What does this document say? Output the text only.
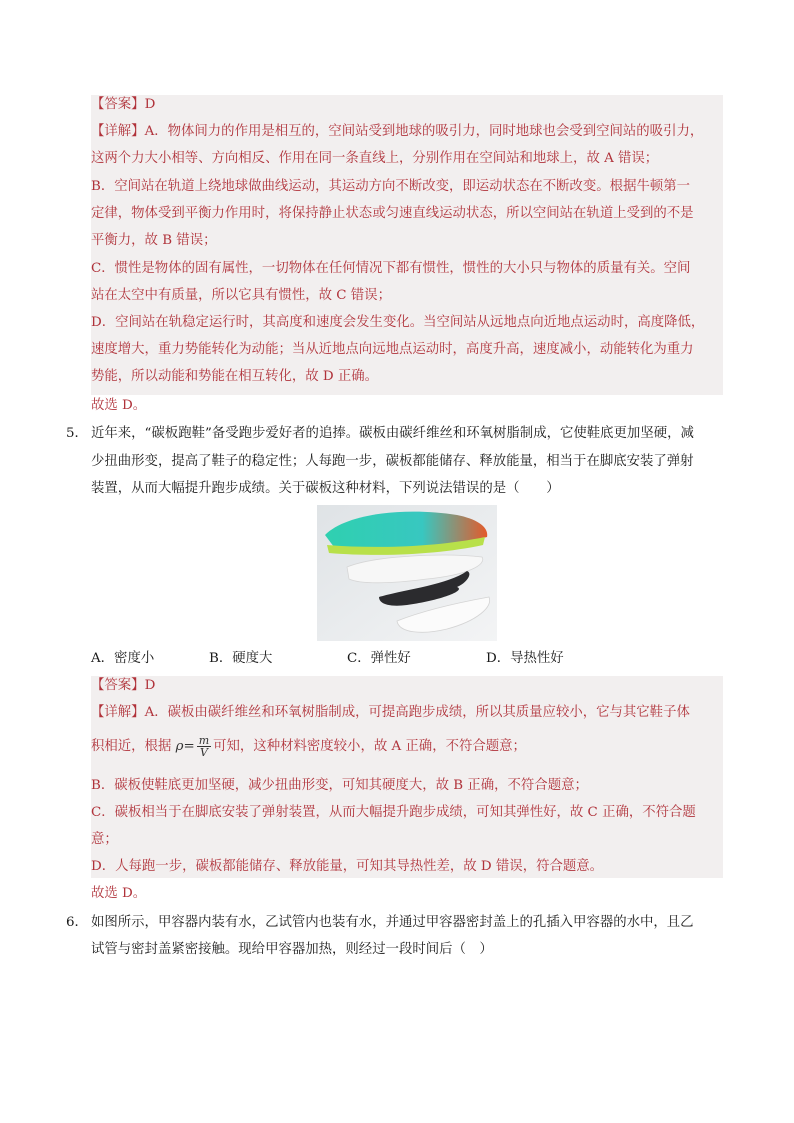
【答案】D
【详解】A．物体间力的作用是相互的，空间站受到地球的吸引力，同时地球也会受到空间站的吸引力，
这两个力大小相等、方向相反、作用在同一条直线上，分别作用在空间站和地球上，故 A 错误；
B．空间站在轨道上绕地球做曲线运动，其运动方向不断改变，即运动状态在不断改变。根据牛顿第一
定律，物体受到平衡力作用时，将保持静止状态或匀速直线运动状态，所以空间站在轨道上受到的不是
平衡力，故 B 错误；
C．惯性是物体的固有属性，一切物体在任何情况下都有惯性，惯性的大小只与物体的质量有关。空间
站在太空中有质量，所以它具有惯性，故 C 错误；
D．空间站在轨稳定运行时，其高度和速度会发生变化。当空间站从远地点向近地点运动时，高度降低，
速度增大，重力势能转化为动能；当从近地点向远地点运动时，高度升高，速度减小，动能转化为重力
势能，所以动能和势能在相互转化，故 D 正确。
故选 D。
5． 近年来，“碳板跑鞋”备受跑步爱好者的追捧。碳板由碳纤维丝和环氧树脂制成，它使鞋底更加坚硬，减
少扭曲形变，提高了鞋子的稳定性；人每跑一步，碳板都能储存、释放能量，相当于在脚底安装了弹射
装置，从而大幅提升跑步成绩。关于碳板这种材料，下列说法错误的是（　　）
A．密度小	B．硬度大	C．弹性好	D．导热性好
【答案】D
【详解】A．碳板由碳纤维丝和环氧树脂制成，可提高跑步成绩，所以其质量应较小，它与其它鞋子体
积相近，根据 $\rho= \frac{m}{V}$ 可知，这种材料密度较小，故 A 正确，不符合题意；
B．碳板使鞋底更加坚硬，减少扭曲形变，可知其硬度大，故 B 正确，不符合题意；
C．碳板相当于在脚底安装了弹射装置，从而大幅提升跑步成绩，可知其弹性好，故 C 正确，不符合题
意；
D．人每跑一步，碳板都能储存、释放能量，可知其导热性差，故 D 错误，符合题意。
故选 D。
6． 如图所示，甲容器内装有水，乙试管内也装有水，并通过甲容器密封盖上的孔插入甲容器的水中，且乙
试管与密封盖紧密接触。现给甲容器加热，则经过一段时间后（　）
